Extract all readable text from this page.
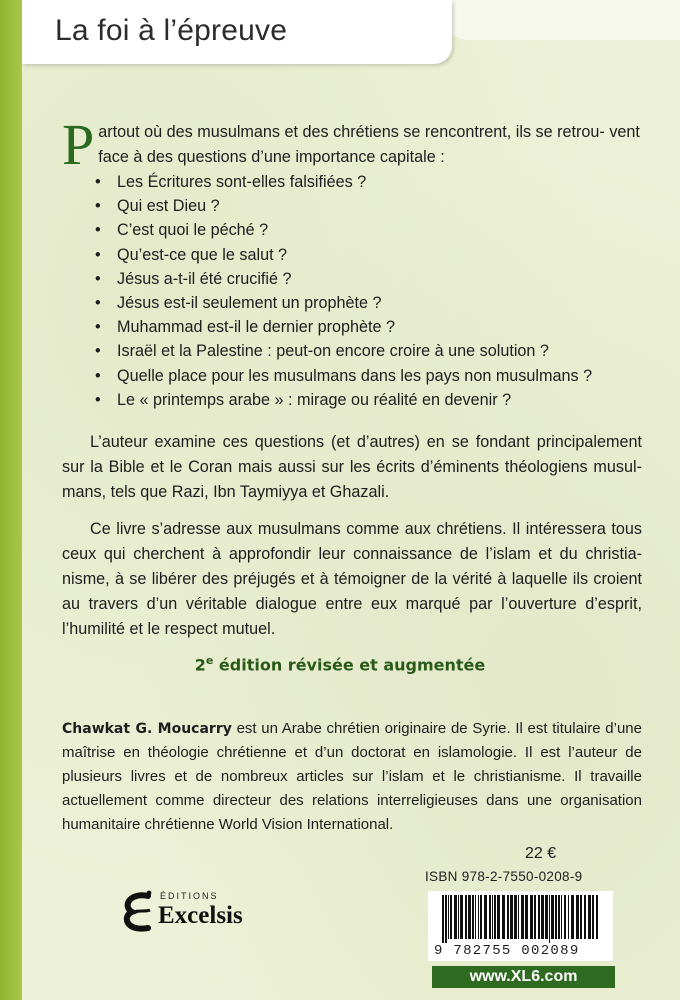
La foi à l’épreuve

Partout où des musulmans et des chrétiens se rencontrent, ils se retrou- vent face à des questions d’une importance capitale :

• Les Écritures sont-elles falsifiées ?
• Qui est Dieu ?
• C’est quoi le péché ?
• Qu’est-ce que le salut ?
• Jésus a-t-il été crucifié ?
• Jésus est-il seulement un prophète ?
• Muhammad est-il le dernier prophète ?
• Israël et la Palestine : peut-on encore croire à une solution ?
• Quelle place pour les musulmans dans les pays non musulmans ?
• Le « printemps arabe » : mirage ou réalité en devenir ?

L’auteur examine ces questions (et d’autres) en se fondant principalement sur la Bible et le Coran mais aussi sur les écrits d’éminents théologiens musul- mans, tels que Razi, Ibn Taymiyya et Ghazali.

Ce livre s’adresse aux musulmans comme aux chrétiens. Il intéressera tous ceux qui cherchent à approfondir leur connaissance de l’islam et du christia- nisme, à se libérer des préjugés et à témoigner de la vérité à laquelle ils croient au travers d’un véritable dialogue entre eux marqué par l’ouverture d’esprit, l’humilité et le respect mutuel.

2e édition révisée et augmentée

Chawkat G. Moucarry est un Arabe chrétien originaire de Syrie. Il est titulaire d’une maîtrise en théologie chrétienne et d’un doctorat en islamologie. Il est l’auteur de plusieurs livres et de nombreux articles sur l’islam et le christianisme. Il travaille actuellement comme directeur des relations interreligieuses dans une organisation humanitaire chrétienne World Vision International.

ÉDITIONS
Excelsis
22 €
ISBN 978-2-7550-0208-9
9 782755 002089
www.XL6.com
